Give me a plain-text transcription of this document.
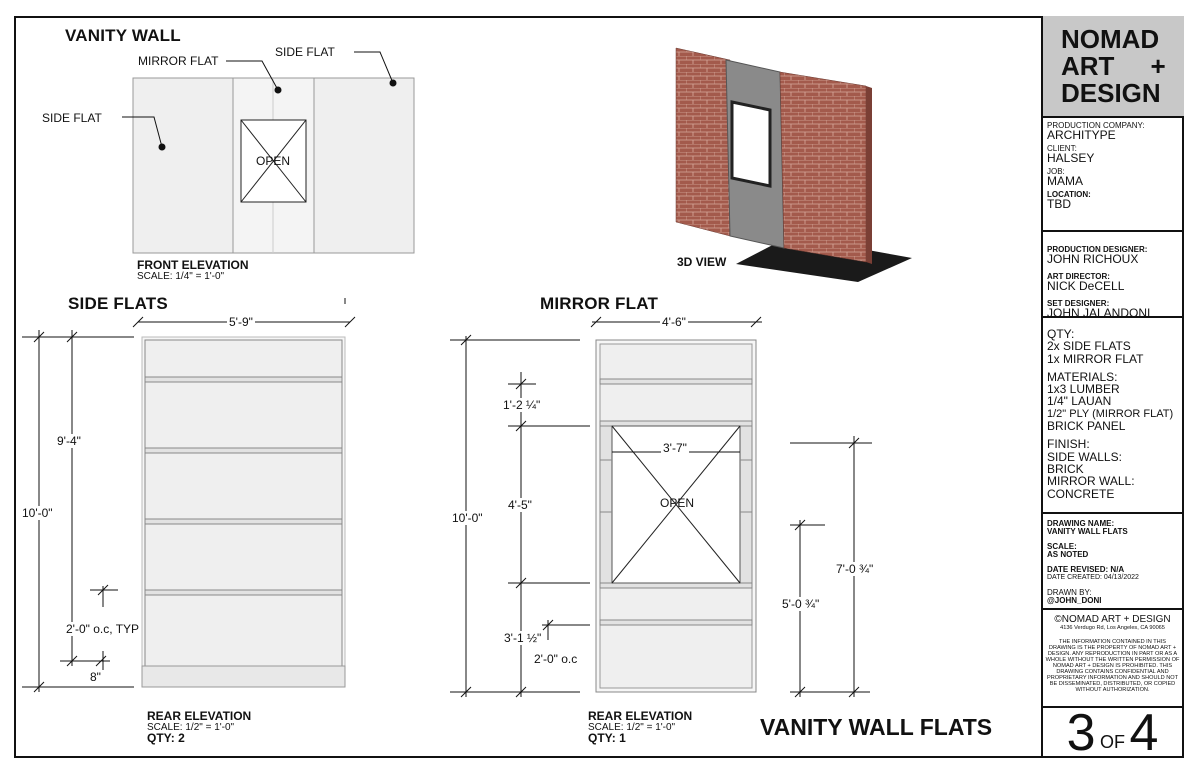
VANITY WALL
MIRROR FLAT
SIDE FLAT
SIDE FLAT
OPEN
FRONT ELEVATION
SCALE: 1/4" = 1'-0"
3D VIEW
SIDE FLATS
5'-9"
10'-0"
9'-4"
2'-0" o.c, TYP
8"
REAR ELEVATION
SCALE: 1/2" = 1'-0"
QTY: 2
MIRROR FLAT
4'-6"
10'-0"
1'-2 ¼"
4'-5"
3'-7"
OPEN
3'-1 ½"
2'-0" o.c
5'-0 ¾"
7'-0 ¾"
REAR ELEVATION
SCALE: 1/2" = 1'-0"
QTY: 1	VANITY WALL FLATS
NOMAD
ART     +
DESIGN
PRODUCTION COMPANY:
ARCHITYPE
CLIENT:
HALSEY
JOB:
MAMA
LOCATION:
TBD
PRODUCTION DESIGNER:
JOHN RICHOUX
ART DIRECTOR:
NICK DeCELL
SET DESIGNER:
JOHN JALANDONI
QTY:
2x SIDE FLATS
1x MIRROR FLAT
MATERIALS:
1x3 LUMBER
1/4" LAUAN
1/2" PLY (MIRROR FLAT)
BRICK PANEL
FINISH:
SIDE WALLS:
BRICK
MIRROR WALL:
CONCRETE
DRAWING NAME:
VANITY WALL FLATS
SCALE:
AS NOTED
DATE REVISED: N/A
DATE CREATED: 04/13/2022
DRAWN BY:
@JOHN_DONI
©NOMAD ART + DESIGN
4136 Verdugo Rd, Los Angeles, CA 90065
THE INFORMATION CONTAINED IN THIS DRAWING IS THE PROPERTY OF NOMAD ART + DESIGN. ANY REPRODUCTION IN PART OR AS A WHOLE WITHOUT THE WRITTEN PERMISSION OF NOMAD ART + DESIGN IS PROHIBITED. THIS DRAWING CONTAINS CONFIDENTIAL AND PROPRIETARY INFORMATION AND SHOULD NOT BE DISSEMINATED, DISTRIBUTED, OR COPIED WITHOUT AUTHORIZATION.
3 OF 4
